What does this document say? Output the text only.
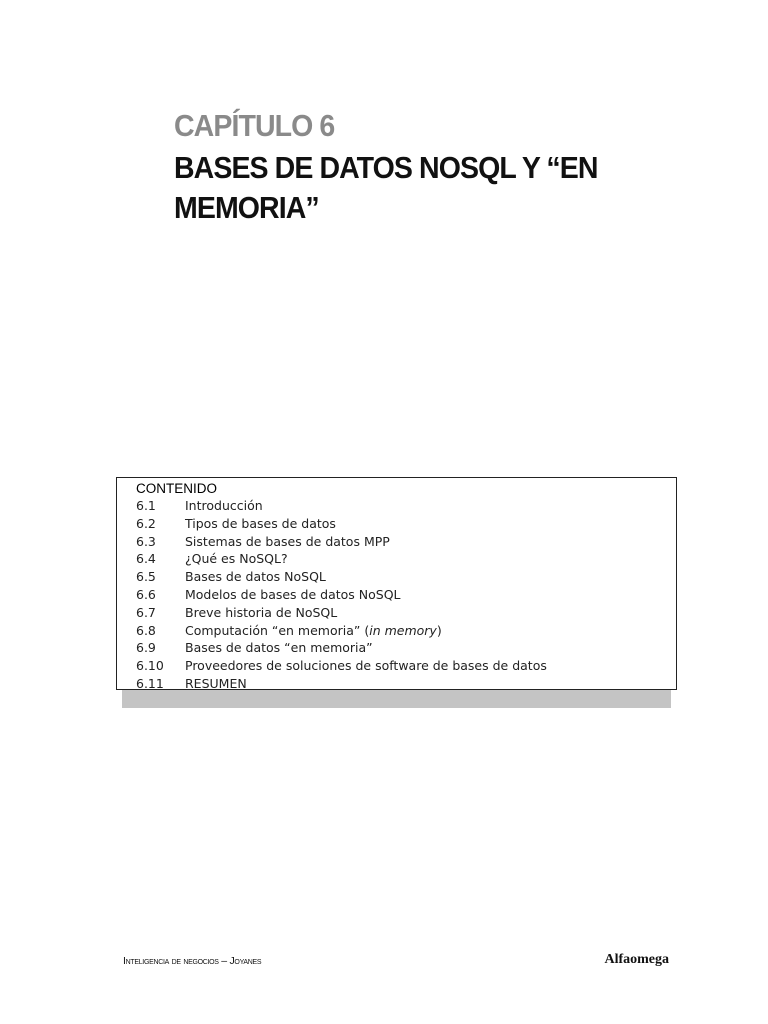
CAPÍTULO 6
BASES DE DATOS NOSQL Y “EN MEMORIA”
CONTENIDO
6.1	Introducción
6.2	Tipos de bases de datos
6.3	Sistemas de bases de datos MPP
6.4	¿Qué es NoSQL?
6.5	Bases de datos NoSQL
6.6	Modelos de bases de datos NoSQL
6.7	Breve historia de NoSQL
6.8	Computación “en memoria” (in memory)
6.9	Bases de datos “en memoria”
6.10	Proveedores de soluciones de software de bases de datos
6.11	RESUMEN
Inteligencia de negocios – Joyanes	Alfaomega
